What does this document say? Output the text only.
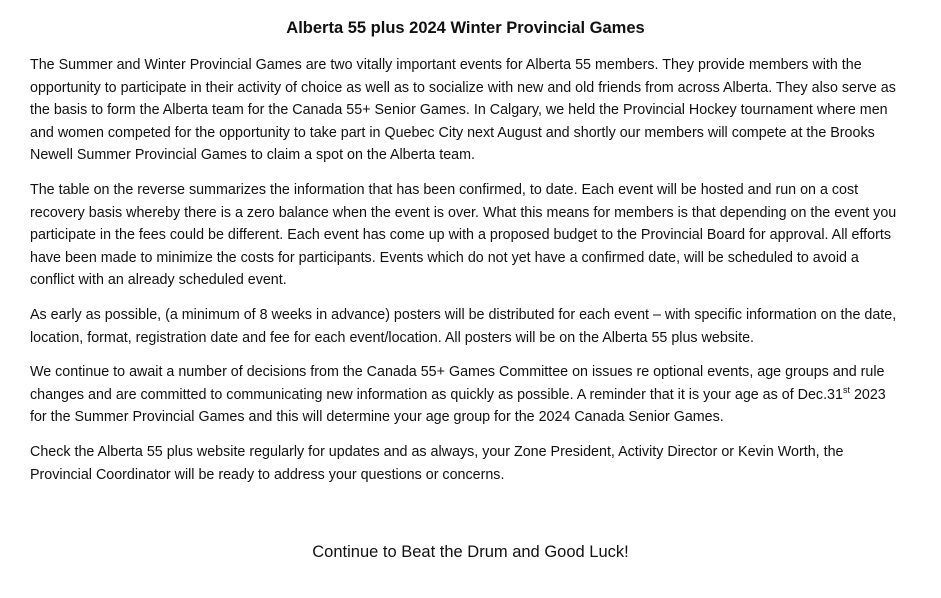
Alberta 55 plus 2024 Winter Provincial Games

The Summer and Winter Provincial Games are two vitally important events for Alberta 55 members. They provide members with the opportunity to participate in their activity of choice as well as to socialize with new and old friends from across Alberta. They also serve as the basis to form the Alberta team for the Canada 55+ Senior Games. In Calgary, we held the Provincial Hockey tournament where men and women competed for the opportunity to take part in Quebec City next August and shortly our members will compete at the Brooks Newell Summer Provincial Games to claim a spot on the Alberta team.

The table on the reverse summarizes the information that has been confirmed, to date. Each event will be hosted and run on a cost recovery basis whereby there is a zero balance when the event is over. What this means for members is that depending on the event you participate in the fees could be different. Each event has come up with a proposed budget to the Provincial Board for approval. All efforts have been made to minimize the costs for participants. Events which do not yet have a confirmed date, will be scheduled to avoid a conflict with an already scheduled event.

As early as possible, (a minimum of 8 weeks in advance) posters will be distributed for each event – with specific information on the date, location, format, registration date and fee for each event/location. All posters will be on the Alberta 55 plus website.

We continue to await a number of decisions from the Canada 55+ Games Committee on issues re optional events, age groups and rule changes and are committed to communicating new information as quickly as possible. A reminder that it is your age as of Dec.31st 2023 for the Summer Provincial Games and this will determine your age group for the 2024 Canada Senior Games.

Check the Alberta 55 plus website regularly for updates and as always, your Zone President, Activity Director or Kevin Worth, the Provincial Coordinator will be ready to address your questions or concerns.

Continue to Beat the Drum and Good Luck!
